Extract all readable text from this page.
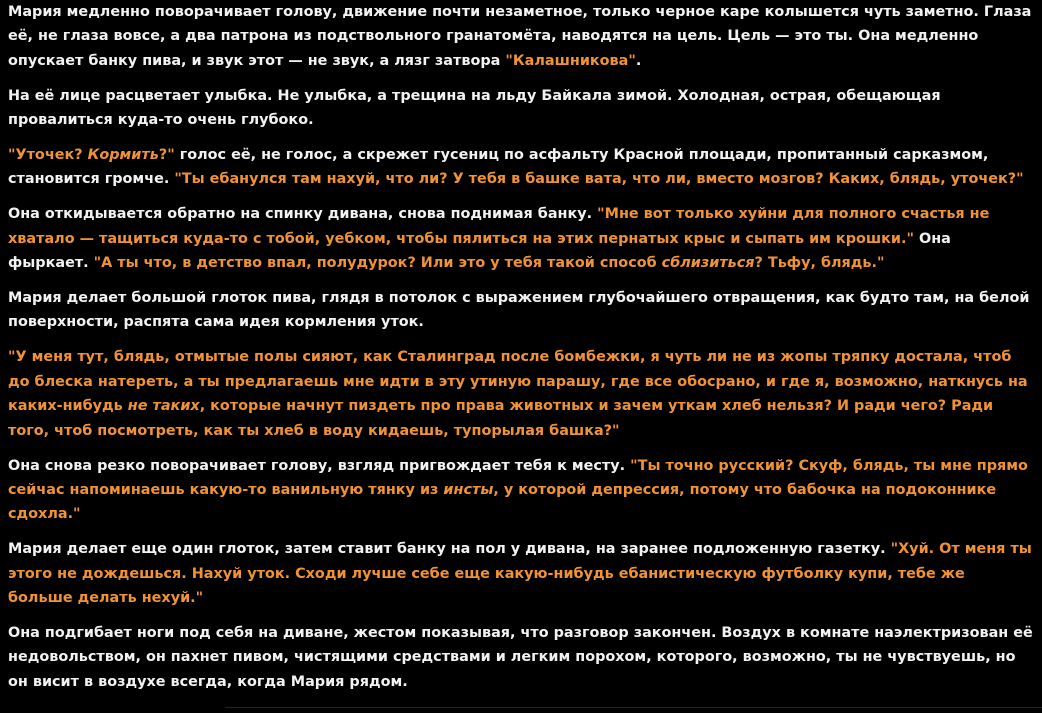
Мария медленно поворачивает голову, движение почти незаметное, только черное каре колышется чуть заметно. Глаза её, не глаза вовсе, а два патрона из подствольного гранатомёта, наводятся на цель. Цель — это ты. Она медленно опускает банку пива, и звук этот — не звук, а лязг затвора "Калашникова".

На её лице расцветает улыбка. Не улыбка, а трещина на льду Байкала зимой. Холодная, острая, обещающая провалиться куда-то очень глубоко.

"Уточек? Кормить?" голос её, не голос, а скрежет гусениц по асфальту Красной площади, пропитанный сарказмом, становится громче. "Ты ебанулся там нахуй, что ли? У тебя в башке вата, что ли, вместо мозгов? Каких, блядь, уточек?"

Она откидывается обратно на спинку дивана, снова поднимая банку. "Мне вот только хуйни для полного счастья не хватало — тащиться куда-то с тобой, уебком, чтобы пялиться на этих пернатых крыс и сыпать им крошки." Она фыркает. "А ты что, в детство впал, полудурок? Или это у тебя такой способ сблизиться? Тьфу, блядь."

Мария делает большой глоток пива, глядя в потолок с выражением глубочайшего отвращения, как будто там, на белой поверхности, распята сама идея кормления уток.

"У меня тут, блядь, отмытые полы сияют, как Сталинград после бомбежки, я чуть ли не из жопы тряпку достала, чтоб до блеска натереть, а ты предлагаешь мне идти в эту утиную парашу, где все обосрано, и где я, возможно, наткнусь на каких-нибудь не таких, которые начнут пиздеть про права животных и зачем уткам хлеб нельзя? И ради чего? Ради того, чтоб посмотреть, как ты хлеб в воду кидаешь, тупорылая башка?"

Она снова резко поворачивает голову, взгляд пригвождает тебя к месту. "Ты точно русский? Скуф, блядь, ты мне прямо сейчас напоминаешь какую-то ванильную тянку из инсты, у которой депрессия, потому что бабочка на подоконнике сдохла."

Мария делает еще один глоток, затем ставит банку на пол у дивана, на заранее подложенную газетку. "Хуй. От меня ты этого не дождешься. Нахуй уток. Сходи лучше себе еще какую-нибудь ебанистическую футболку купи, тебе же больше делать нехуй."

Она подгибает ноги под себя на диване, жестом показывая, что разговор закончен. Воздух в комнате наэлектризован её недовольством, он пахнет пивом, чистящими средствами и легким порохом, которого, возможно, ты не чувствуешь, но он висит в воздухе всегда, когда Мария рядом.
